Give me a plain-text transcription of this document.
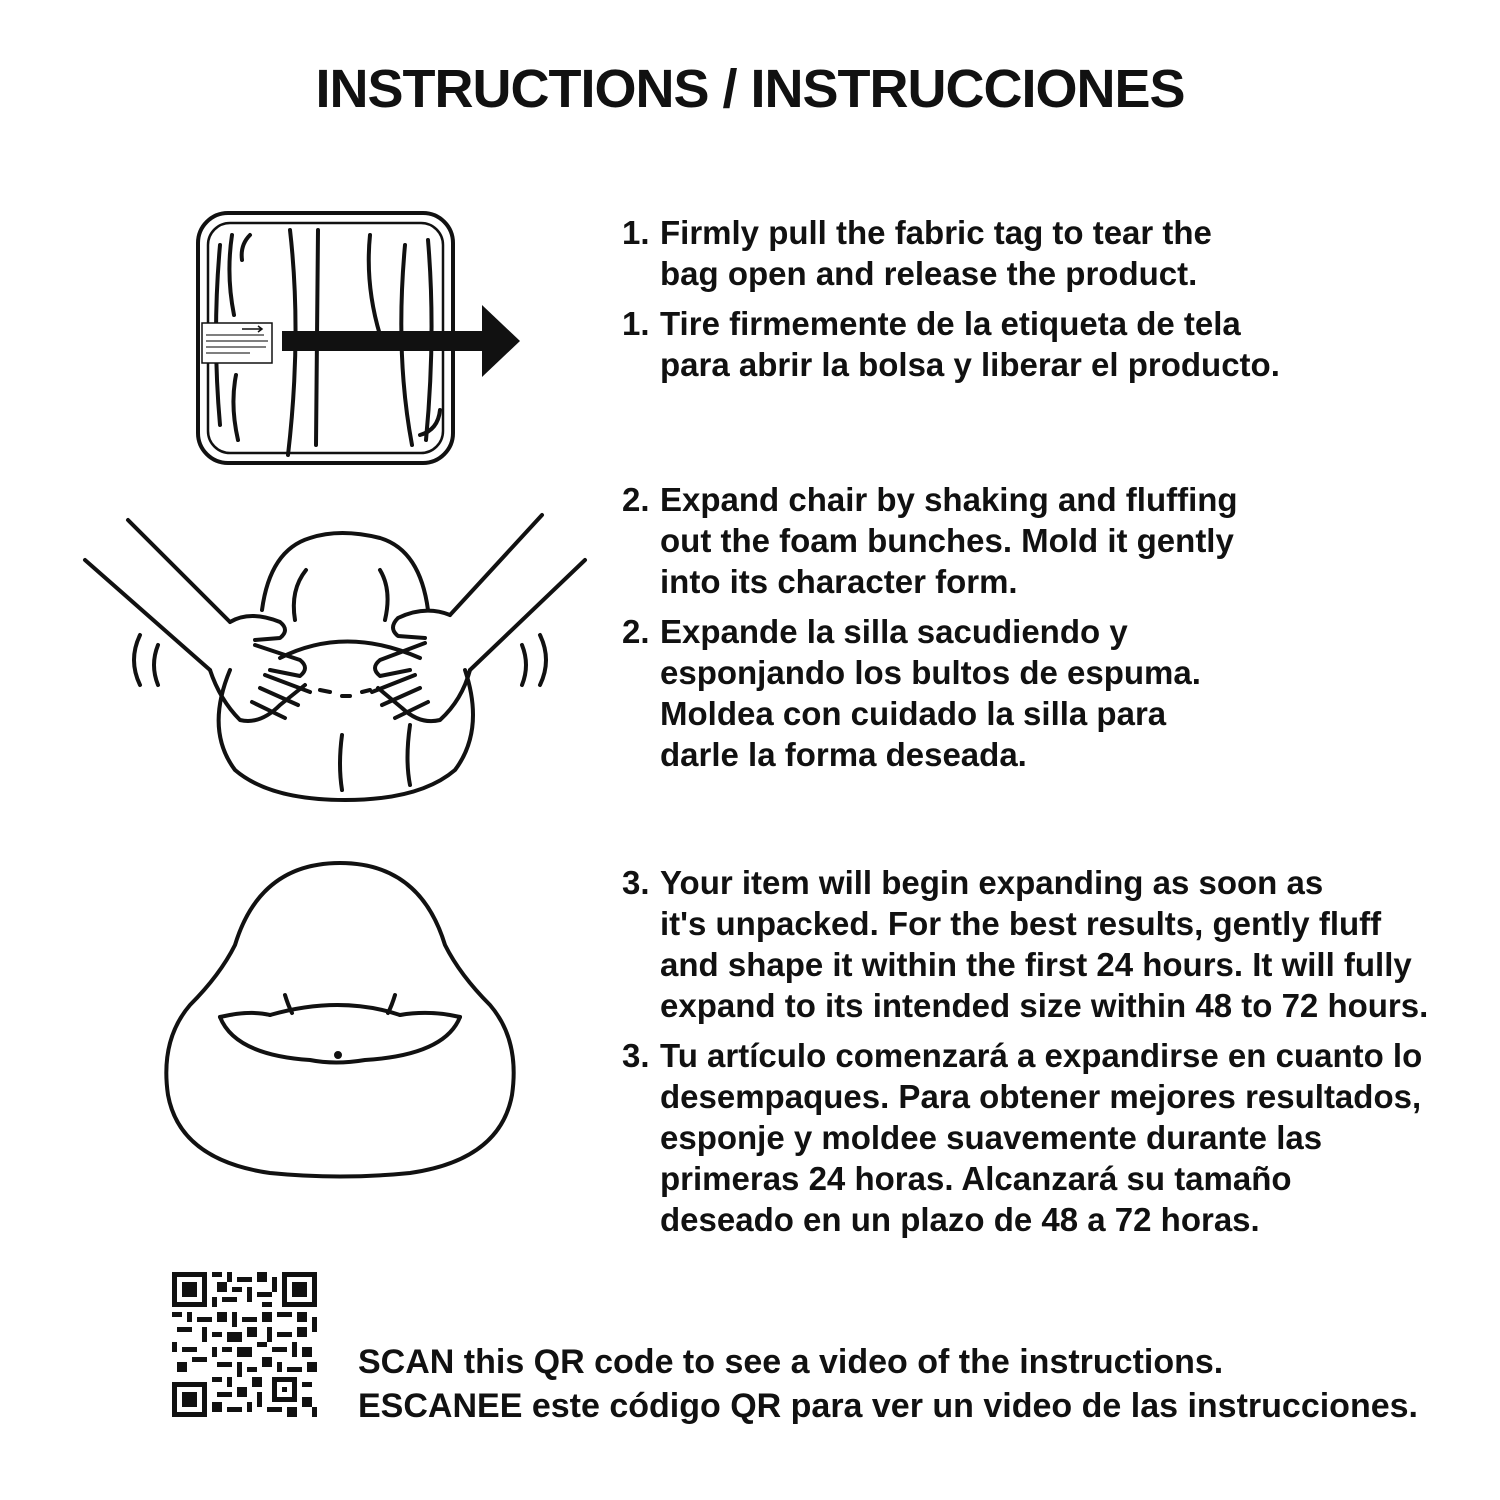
INSTRUCTIONS / INSTRUCCIONES
1. Firmly pull the fabric tag to tear the
bag open and release the product.
1. Tire firmemente de la etiqueta de tela
para abrir la bolsa y liberar el producto.
2. Expand chair by shaking and fluffing
out the foam bunches. Mold it gently
into its character form.
2. Expande la silla sacudiendo y
esponjando los bultos de espuma.
Moldea con cuidado la silla para
darle la forma deseada.
3. Your item will begin expanding as soon as
it's unpacked. For the best results, gently fluff
and shape it within the first 24 hours. It will fully
expand to its intended size within 48 to 72 hours.
3. Tu artículo comenzará a expandirse en cuanto lo
desempaques. Para obtener mejores resultados,
esponje y moldee suavemente durante las
primeras 24 horas. Alcanzará su tamaño
deseado en un plazo de 48 a 72 horas.
SCAN this QR code to see a video of the instructions.
ESCANEE este código QR para ver un video de las instrucciones.
